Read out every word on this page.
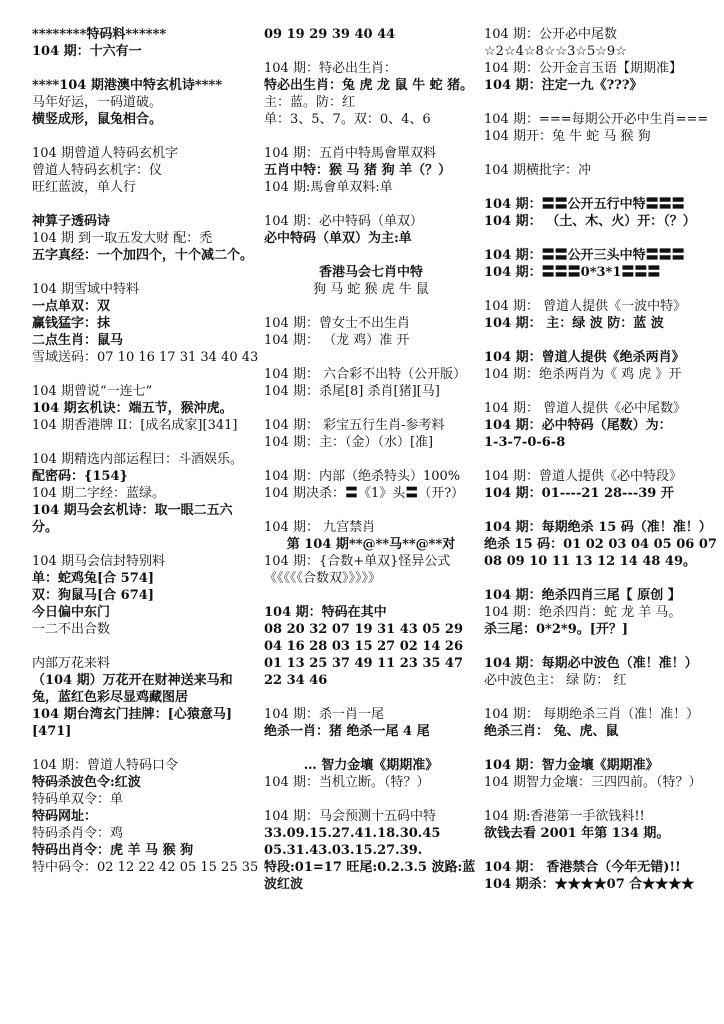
********特码料******
104 期：十六有一
****104 期港澳中特玄机诗****
马年好运，一码道破。
横竖成形，鼠兔相合。
104 期曾道人特码玄机字
曾道人特码玄机字：仪
旺红蓝波，单人行
神算子透码诗
104 期 到一取五发大财 配：禿
五字真经：一个加四个，十个减二个。
104 期雪域中特料
一点单双：双
赢钱猛字：抹
二点生肖：鼠马
雪域送码：07 10 16 17 31 34 40 43
104 期曾说“一连七”
104 期玄机诀：端五节，猴沖虎。
104 期香港牌 II：[成名成家][341]
104 期精选内部运程曰：斗酒娱乐。
配密码：{154}
104 期二字经：蓝绿。
104 期马会玄机诗：取一眼二五六分。
104 期马会信封特别料
单：蛇鸡兔[合 574]
双：狗鼠马[合 674]
今日偏中东门
一二不出合数
内部万花来料
（104 期）万花开在财神送来马和兔，蓝红色彩尽显鸡藏图居
104 期台湾玄门挂牌：[心猿意马][471]
104 期：曾道人特码口令
特码杀波色令:红波
特码单双令：单
特码网址：
特码杀肖令：鸡
特码出肖令：虎 羊 马 猴 狗
特中码令：02 12 22 42 05 15 25 35
09 19 29 39 40 44
104 期：特必出生肖：
特必出生肖：兔 虎 龙 鼠 牛 蛇 猪。
主：蓝。防：红
单：3、5、7。双：0、4、6
104 期：五肖中特馬會單双料
五肖中特：猴 马 猪 狗 羊（？）
104 期:馬會单双料:单
104 期：必中特码（单双）
必中特码（单双）为主:单
香港马会七肖中特
狗 马 蛇 猴 虎 牛 鼠
104 期：曾女士不出生肖
104 期： （龙 鸡）准 开
104 期： 六合彩不出特（公开版）
104 期：杀尾[8] 杀肖[猪][马]
104 期： 彩宝五行生肖-参考料
104 期：主：（金）（水）[准]
104 期：内部（绝杀特头）100%
104 期决杀：〓《1》头〓（开?）
104 期： 九宫禁肖
第 104 期**@**马**@**对
104 期：{合数+单双}怪异公式
《《《《《合数双》》》》》
104 期：特码在其中
08 20 32 07 19 31 43 05 29 04 16 28 03 15 27 02 14 26 01 13 25 37 49 11 23 35 47 22 34 46
104 期：杀一肖一尾
绝杀一肖：猪 绝杀一尾 4 尾
… 智力金壤《期期准》
104 期：当机立断。（特？）
104 期：马会预测十五码中特
33.09.15.27.41.18.30.45
05.31.43.03.15.27.39.
特段:01=17 旺尾:0.2.3.5 波路:蓝波红波
104 期：公开必中尾数
☆2☆4☆8☆☆3☆5☆9☆
104 期：公开金言玉语【期期准】
104 期：注定一九《???》
104 期：===每期公开必中生肖===
104 期开：兔 牛 蛇 马 猴 狗
104 期横批字：冲
104 期：〓〓公开五行中特〓〓〓
104 期： （土、木、火）开：（？）
104 期：〓〓公开三头中特〓〓〓
104 期：〓〓〓0*3*1〓〓〓
104 期： 曾道人提供《一波中特》
104 期： 主：绿 波 防：蓝 波
104 期：曾道人提供《绝杀两肖》
104 期：绝杀两肖为《 鸡 虎 》开
104 期： 曾道人提供《必中尾数》
104 期：必中特码（尾数）为：
1-3-7-0-6-8
104 期：曾道人提供《必中特段》
104 期：01----21 28---39 开
104 期：每期绝杀 15 码（准！准！）
绝杀 15 码：01 02 03 04 05 06 07 08 09 10 11 13 12 14 48 49。
104 期：绝杀四肖三尾【 原创 】
104 期：绝杀四肖：蛇 龙 羊 马。
杀三尾：0*2*9。[开？]
104 期：每期必中波色（准！准！）
必中波色主： 绿 防： 红
104 期： 每期绝杀三肖（准！准！）
绝杀三肖： 兔、虎、鼠
104 期：智力金壤《期期准》
104 期智力金壤：三四四前。（特？）
104 期:香港第一手欲钱料!!
欲钱去看 2001 年第 134 期。
104 期： 香港禁合（今年无错)!!
104 期杀：★★★★07 合★★★★
